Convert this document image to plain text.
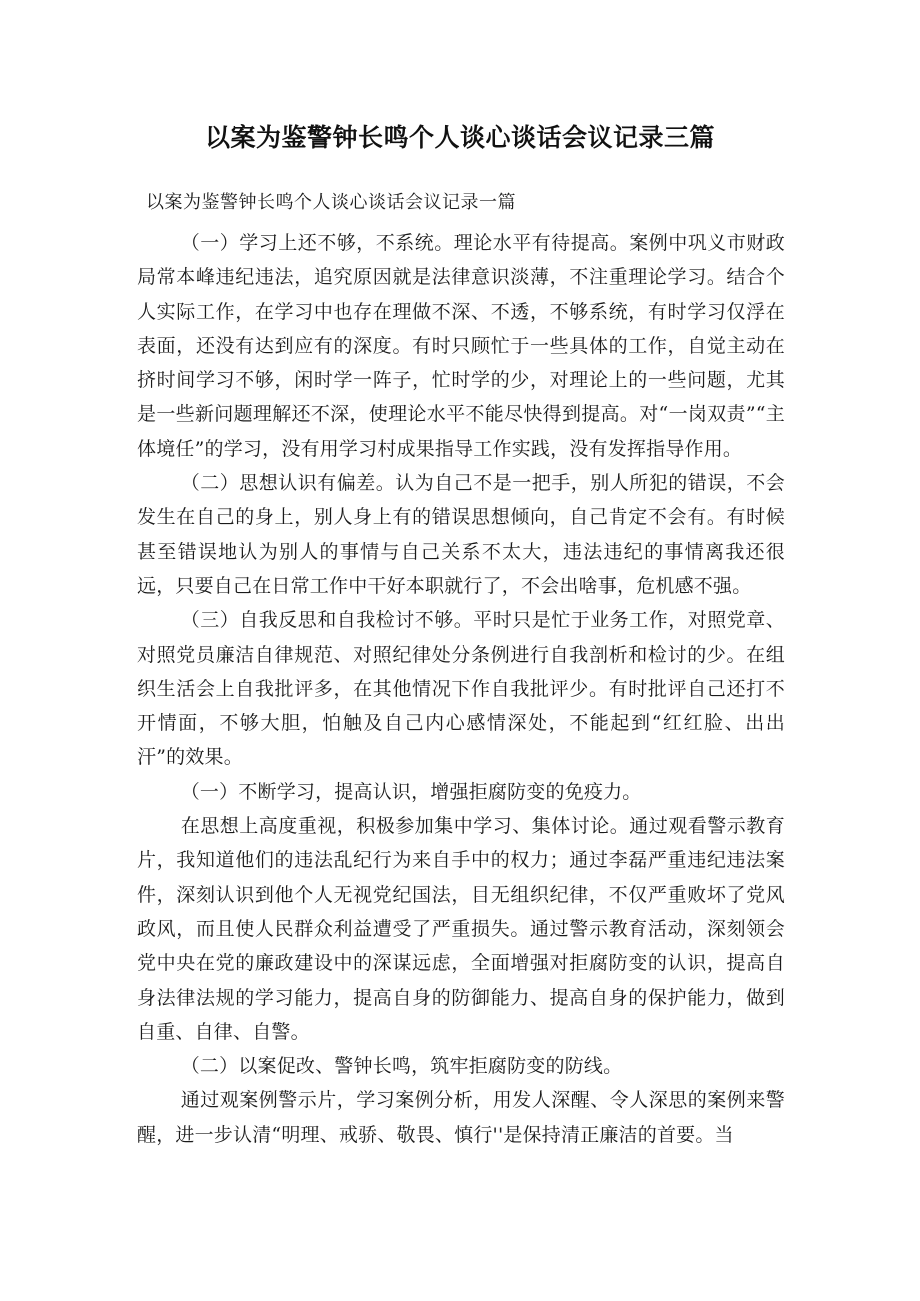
以案为鉴警钟长鸣个人谈心谈话会议记录三篇

以案为鉴警钟长鸣个人谈心谈话会议记录一篇

（一）学习上还不够，不系统。理论水平有待提高。案例中巩义市财政局常本峰违纪违法，追究原因就是法律意识淡薄，不注重理论学习。结合个人实际工作，在学习中也存在理做不深、不透，不够系统，有时学习仅浮在表面，还没有达到应有的深度。有时只顾忙于一些具体的工作，自觉主动在挤时间学习不够，闲时学一阵子，忙时学的少，对理论上的一些问题，尤其是一些新问题理解还不深，使理论水平不能尽快得到提高。对“一岗双责”“主体境任”的学习，没有用学习村成果指导工作实践，没有发挥指导作用。

（二）思想认识有偏差。认为自己不是一把手，别人所犯的错误，不会发生在自己的身上，别人身上有的错误思想倾向，自己肯定不会有。有时候甚至错误地认为别人的事情与自己关系不太大，违法违纪的事情离我还很远，只要自己在日常工作中干好本职就行了，不会出啥事，危机感不强。

（三）自我反思和自我检讨不够。平时只是忙于业务工作，对照党章、对照党员廉洁自律规范、对照纪律处分条例进行自我剖析和检讨的少。在组织生活会上自我批评多，在其他情况下作自我批评少。有时批评自己还打不开情面，不够大胆，怕触及自己内心感情深处，不能起到“红红脸、出出汗”的效果。

（一）不断学习，提高认识，增强拒腐防变的免疫力。

在思想上高度重视，积极参加集中学习、集体讨论。通过观看警示教育片，我知道他们的违法乱纪行为来自手中的权力；通过李磊严重违纪违法案件，深刻认识到他个人无视党纪国法，目无组织纪律，不仅严重败坏了党风政风，而且使人民群众利益遭受了严重损失。通过警示教育活动，深刻领会党中央在党的廉政建设中的深谋远虑，全面增强对拒腐防变的认识，提高自身法律法规的学习能力，提高自身的防御能力、提高自身的保护能力，做到自重、自律、自警。

（二）以案促改、警钟长鸣，筑牢拒腐防变的防线。

通过观案例警示片，学习案例分析，用发人深醒、令人深思的案例来警醒，进一步认清“明理、戒骄、敬畏、慎行''是保持清正廉洁的首要。当
